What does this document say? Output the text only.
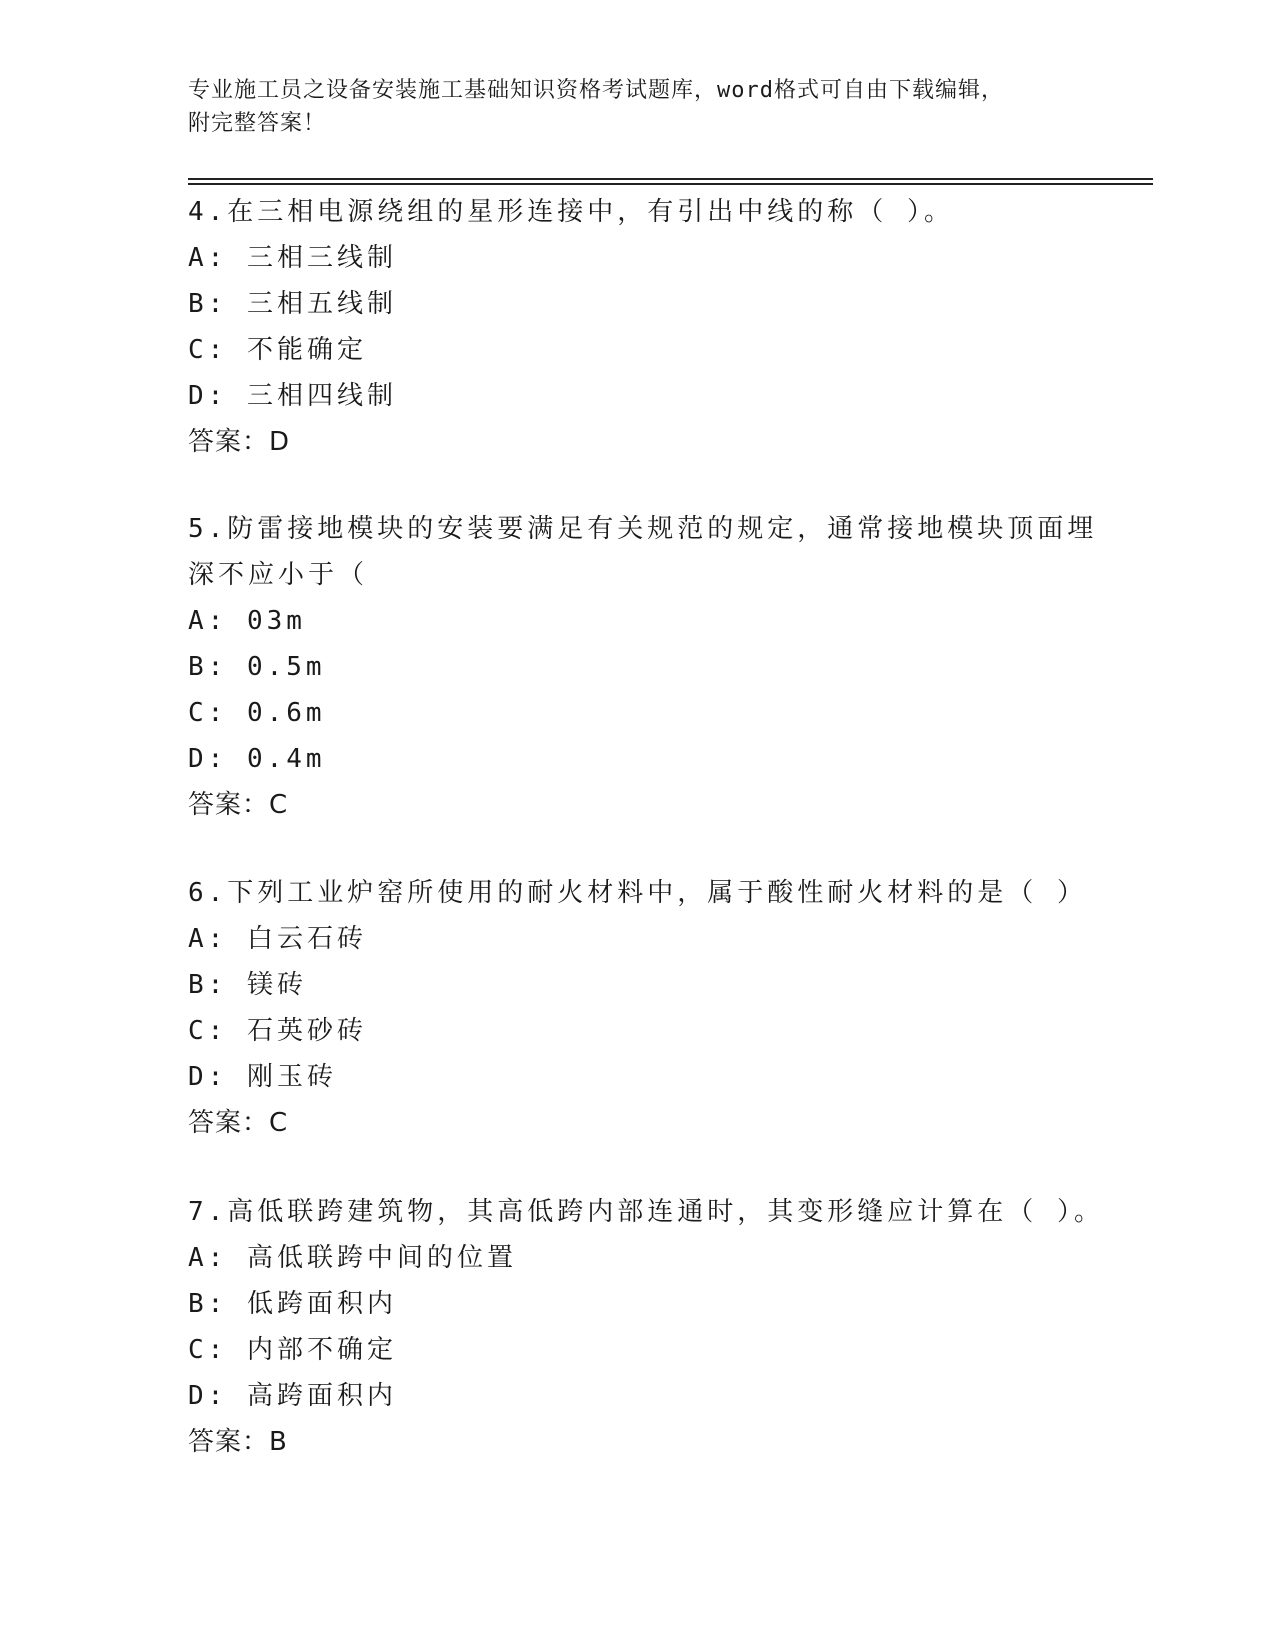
专业施工员之设备安装施工基础知识资格考试题库，word格式可自由下载编辑，
附完整答案！
4.在三相电源绕组的星形连接中，有引出中线的称（ ）。
A: 三相三线制
B: 三相五线制
C: 不能确定
D: 三相四线制
答案：D
5.防雷接地模块的安装要满足有关规范的规定，通常接地模块顶面埋
深不应小于（
A: 03m
B: 0.5m
C: 0.6m
D: 0.4m
答案：C
6.下列工业炉窑所使用的耐火材料中，属于酸性耐火材料的是（ ）
A: 白云石砖
B: 镁砖
C: 石英砂砖
D: 刚玉砖
答案：C
7.高低联跨建筑物，其高低跨内部连通时，其变形缝应计算在（ ）。
A: 高低联跨中间的位置
B: 低跨面积内
C: 内部不确定
D: 高跨面积内
答案：B
